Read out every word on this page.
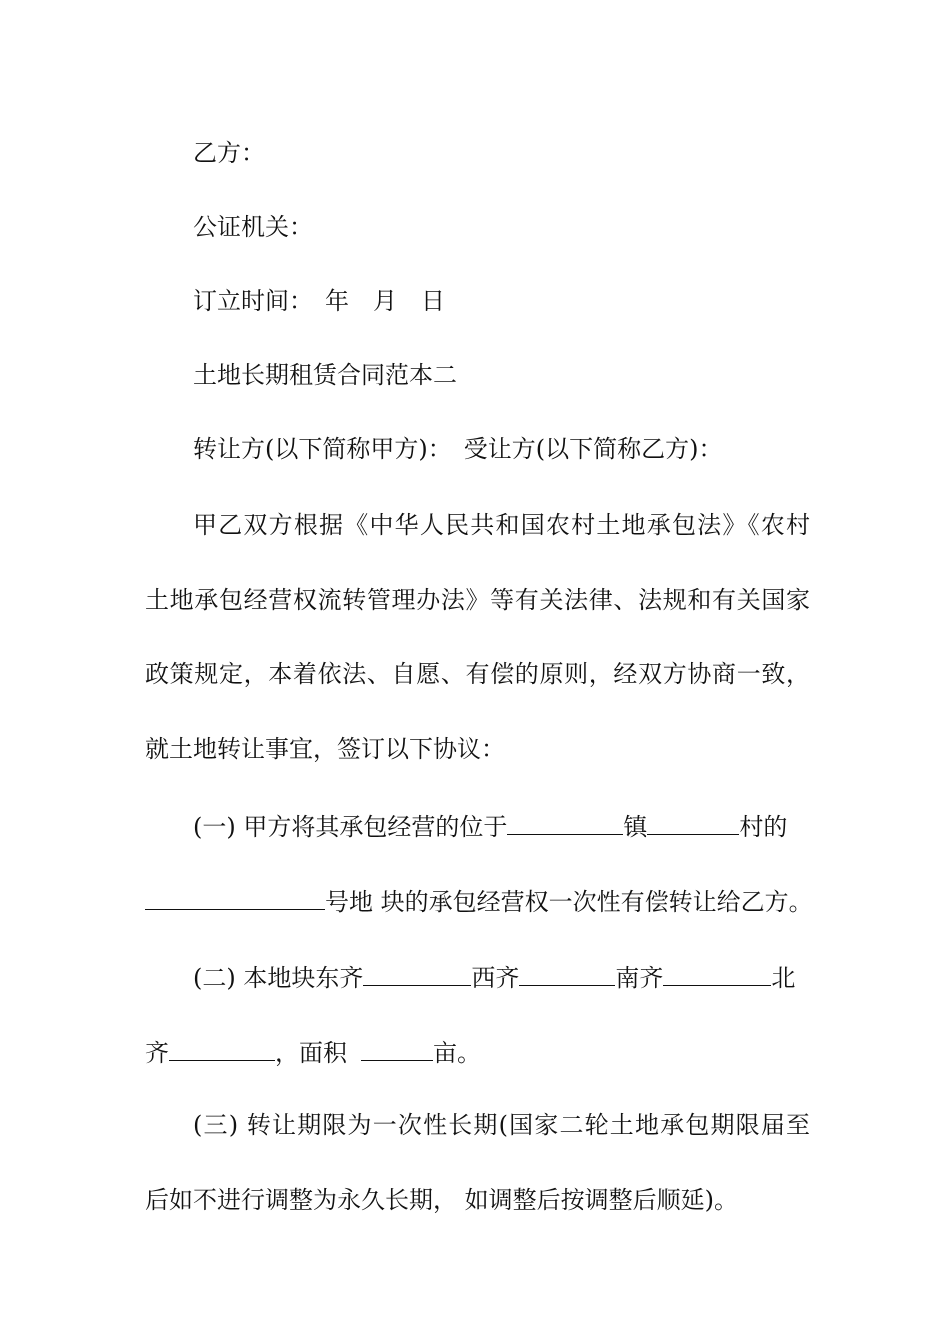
乙方：
公证机关：
订立时间：　年　月　日
土地长期租赁合同范本二
转让方(以下简称甲方)：　受让方(以下简称乙方)：
甲乙双方根据《中华人民共和国农村土地承包法》《农村
土地承包经营权流转管理办法》等有关法律、法规和有关国家
政策规定，本着依法、自愿、有偿的原则，经双方协商一致，
就土地转让事宜，签订以下协议：
(一) 甲方将其承包经营的位于	镇	村的
号地 块的承包经营权一次性有偿转让给乙方。
(二) 本地块东齐	西齐	南齐	北
齐	，面积	亩。
(三) 转让期限为一次性长期(国家二轮土地承包期限届至
后如不进行调整为永久长期， 如调整后按调整后顺延)。
